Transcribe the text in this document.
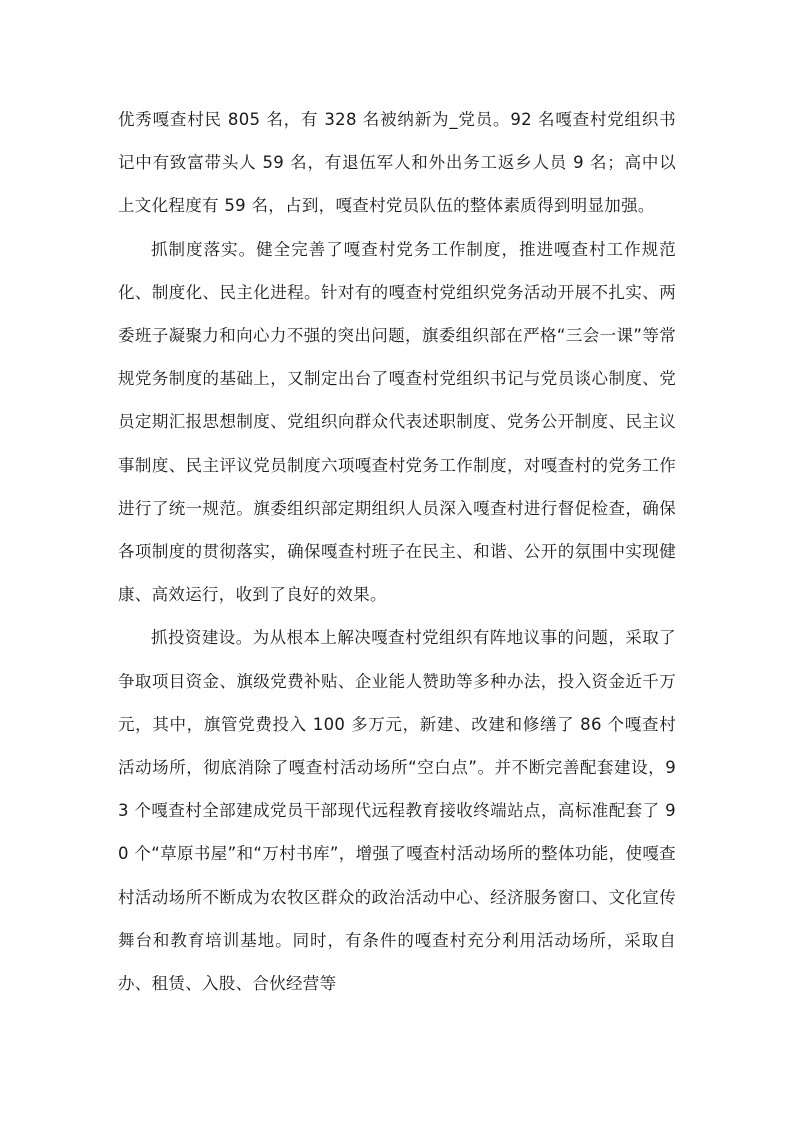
优秀嘎查村民 805 名，有 328 名被纳新为_党员。92 名嘎查村党组织书记中有致富带头人 59 名，有退伍军人和外出务工返乡人员 9 名；高中以上文化程度有 59 名，占到，嘎查村党员队伍的整体素质得到明显加强。

抓制度落实。健全完善了嘎查村党务工作制度，推进嘎查村工作规范化、制度化、民主化进程。针对有的嘎查村党组织党务活动开展不扎实、两委班子凝聚力和向心力不强的突出问题，旗委组织部在严格“三会一课”等常规党务制度的基础上，又制定出台了嘎查村党组织书记与党员谈心制度、党员定期汇报思想制度、党组织向群众代表述职制度、党务公开制度、民主议事制度、民主评议党员制度六项嘎查村党务工作制度，对嘎查村的党务工作进行了统一规范。旗委组织部定期组织人员深入嘎查村进行督促检查，确保各项制度的贯彻落实，确保嘎查村班子在民主、和谐、公开的氛围中实现健康、高效运行，收到了良好的效果。

抓投资建设。为从根本上解决嘎查村党组织有阵地议事的问题，采取了争取项目资金、旗级党费补贴、企业能人赞助等多种办法，投入资金近千万元，其中，旗管党费投入 100 多万元，新建、改建和修缮了 86 个嘎查村活动场所，彻底消除了嘎查村活动场所“空白点”。并不断完善配套建设，93 个嘎查村全部建成党员干部现代远程教育接收终端站点，高标准配套了 90 个“草原书屋”和“万村书库”，增强了嘎查村活动场所的整体功能，使嘎查村活动场所不断成为农牧区群众的政治活动中心、经济服务窗口、文化宣传舞台和教育培训基地。同时，有条件的嘎查村充分利用活动场所，采取自办、租赁、入股、合伙经营等
